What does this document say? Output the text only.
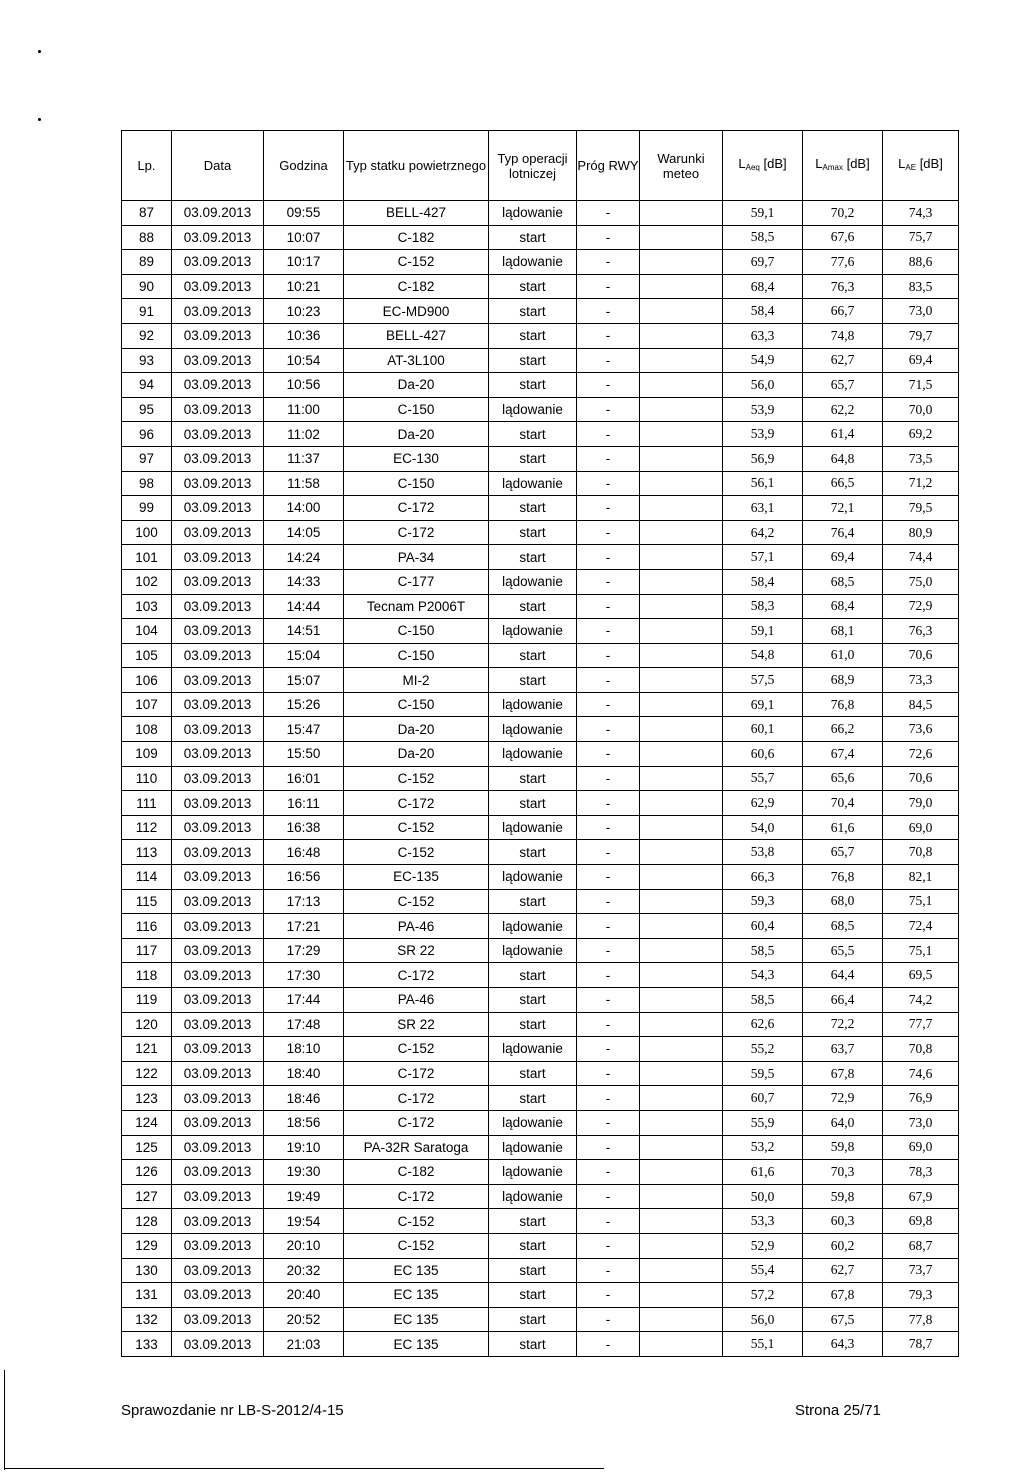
Lp.	Data	Godzina	Typ statku powietrznego	Typ operacji lotniczej	Próg RWY	Warunki meteo	$L_{Aeq}$ [dB]	$L_{Amax}$ [dB]	$L_{AE}$ [dB]
87	03.09.2013	09:55	BELL-427	lądowanie	-		59,1	70,2	74,3
88	03.09.2013	10:07	C-182	start	-		58,5	67,6	75,7
89	03.09.2013	10:17	C-152	lądowanie	-		69,7	77,6	88,6
90	03.09.2013	10:21	C-182	start	-		68,4	76,3	83,5
91	03.09.2013	10:23	EC-MD900	start	-		58,4	66,7	73,0
92	03.09.2013	10:36	BELL-427	start	-		63,3	74,8	79,7
93	03.09.2013	10:54	AT-3L100	start	-		54,9	62,7	69,4
94	03.09.2013	10:56	Da-20	start	-		56,0	65,7	71,5
95	03.09.2013	11:00	C-150	lądowanie	-		53,9	62,2	70,0
96	03.09.2013	11:02	Da-20	start	-		53,9	61,4	69,2
97	03.09.2013	11:37	EC-130	start	-		56,9	64,8	73,5
98	03.09.2013	11:58	C-150	lądowanie	-		56,1	66,5	71,2
99	03.09.2013	14:00	C-172	start	-		63,1	72,1	79,5
100	03.09.2013	14:05	C-172	start	-		64,2	76,4	80,9
101	03.09.2013	14:24	PA-34	start	-		57,1	69,4	74,4
102	03.09.2013	14:33	C-177	lądowanie	-		58,4	68,5	75,0
103	03.09.2013	14:44	Tecnam P2006T	start	-		58,3	68,4	72,9
104	03.09.2013	14:51	C-150	lądowanie	-		59,1	68,1	76,3
105	03.09.2013	15:04	C-150	start	-		54,8	61,0	70,6
106	03.09.2013	15:07	MI-2	start	-		57,5	68,9	73,3
107	03.09.2013	15:26	C-150	lądowanie	-		69,1	76,8	84,5
108	03.09.2013	15:47	Da-20	lądowanie	-		60,1	66,2	73,6
109	03.09.2013	15:50	Da-20	lądowanie	-		60,6	67,4	72,6
110	03.09.2013	16:01	C-152	start	-		55,7	65,6	70,6
111	03.09.2013	16:11	C-172	start	-		62,9	70,4	79,0
112	03.09.2013	16:38	C-152	lądowanie	-		54,0	61,6	69,0
113	03.09.2013	16:48	C-152	start	-		53,8	65,7	70,8
114	03.09.2013	16:56	EC-135	lądowanie	-		66,3	76,8	82,1
115	03.09.2013	17:13	C-152	start	-		59,3	68,0	75,1
116	03.09.2013	17:21	PA-46	lądowanie	-		60,4	68,5	72,4
117	03.09.2013	17:29	SR 22	lądowanie	-		58,5	65,5	75,1
118	03.09.2013	17:30	C-172	start	-		54,3	64,4	69,5
119	03.09.2013	17:44	PA-46	start	-		58,5	66,4	74,2
120	03.09.2013	17:48	SR 22	start	-		62,6	72,2	77,7
121	03.09.2013	18:10	C-152	lądowanie	-		55,2	63,7	70,8
122	03.09.2013	18:40	C-172	start	-		59,5	67,8	74,6
123	03.09.2013	18:46	C-172	start	-		60,7	72,9	76,9
124	03.09.2013	18:56	C-172	lądowanie	-		55,9	64,0	73,0
125	03.09.2013	19:10	PA-32R Saratoga	lądowanie	-		53,2	59,8	69,0
126	03.09.2013	19:30	C-182	lądowanie	-		61,6	70,3	78,3
127	03.09.2013	19:49	C-172	lądowanie	-		50,0	59,8	67,9
128	03.09.2013	19:54	C-152	start	-		53,3	60,3	69,8
129	03.09.2013	20:10	C-152	start	-		52,9	60,2	68,7
130	03.09.2013	20:32	EC 135	start	-		55,4	62,7	73,7
131	03.09.2013	20:40	EC 135	start	-		57,2	67,8	79,3
132	03.09.2013	20:52	EC 135	start	-		56,0	67,5	77,8
133	03.09.2013	21:03	EC 135	start	-		55,1	64,3	78,7
Sprawozdanie nr LB-S-2012/4-15	Strona 25/71
